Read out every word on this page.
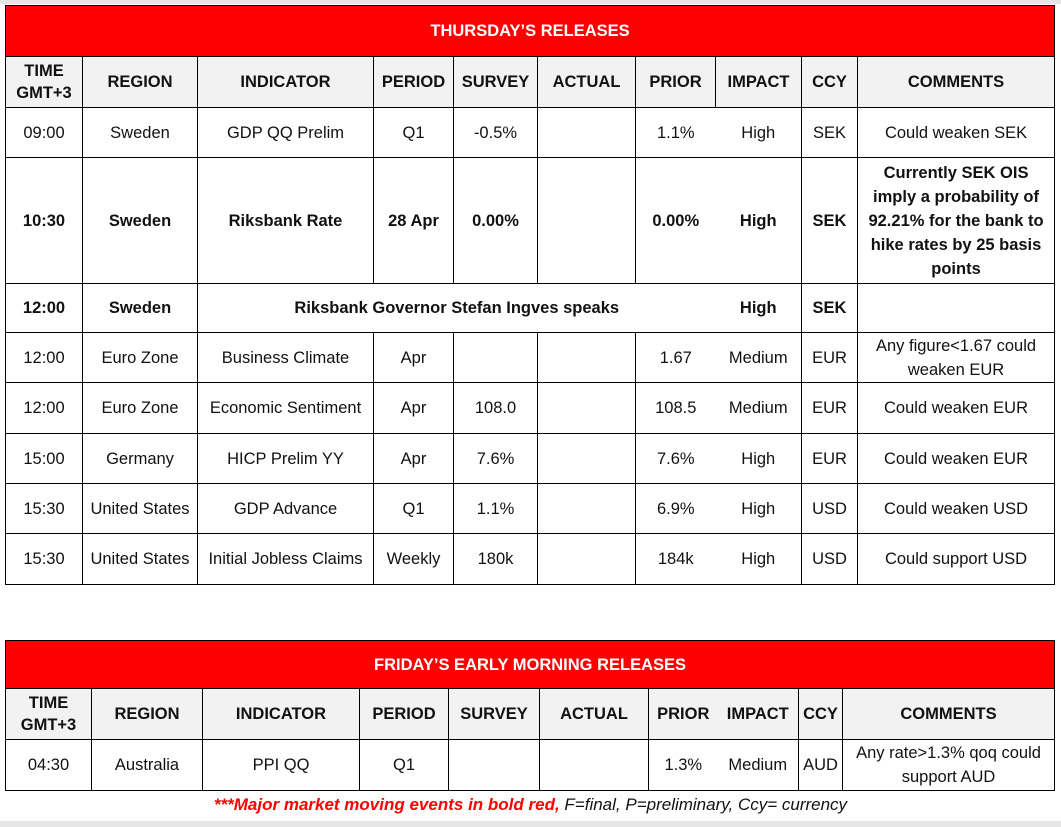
THURSDAY’S RELEASES									
TIME
GMT+3	REGION	INDICATOR	PERIOD	SURVEY	ACTUAL	PRIOR	IMPACT	CCY	COMMENTS
09:00	Sweden	GDP QQ Prelim	Q1	-0.5%		1.1%	High	SEK	Could weaken SEK
10:30	Sweden	Riksbank Rate	28 Apr	0.00%		0.00%	High	SEK	Currently SEK OIS imply a probability of 92.21% for the bank to hike rates by 25 basis points
12:00	Sweden	Riksbank Governor Stefan Ingves speaks					High	SEK	
12:00	Euro Zone	Business Climate	Apr			1.67	Medium	EUR	Any figure<1.67 could weaken EUR
12:00	Euro Zone	Economic Sentiment	Apr	108.0		108.5	Medium	EUR	Could weaken EUR
15:00	Germany	HICP Prelim YY	Apr	7.6%		7.6%	High	EUR	Could weaken EUR
15:30	United States	GDP Advance	Q1	1.1%		6.9%	High	USD	Could weaken USD
15:30	United States	Initial Jobless Claims	Weekly	180k		184k	High	USD	Could support USD
FRIDAY’S EARLY MORNING RELEASES									
TIME
GMT+3	REGION	INDICATOR	PERIOD	SURVEY	ACTUAL	PRIOR	IMPACT	CCY	COMMENTS
04:30	Australia	PPI QQ	Q1			1.3%	Medium	AUD	Any rate>1.3% qoq could support AUD
***Major market moving events in bold red, F=final, P=preliminary, Ccy= currency
